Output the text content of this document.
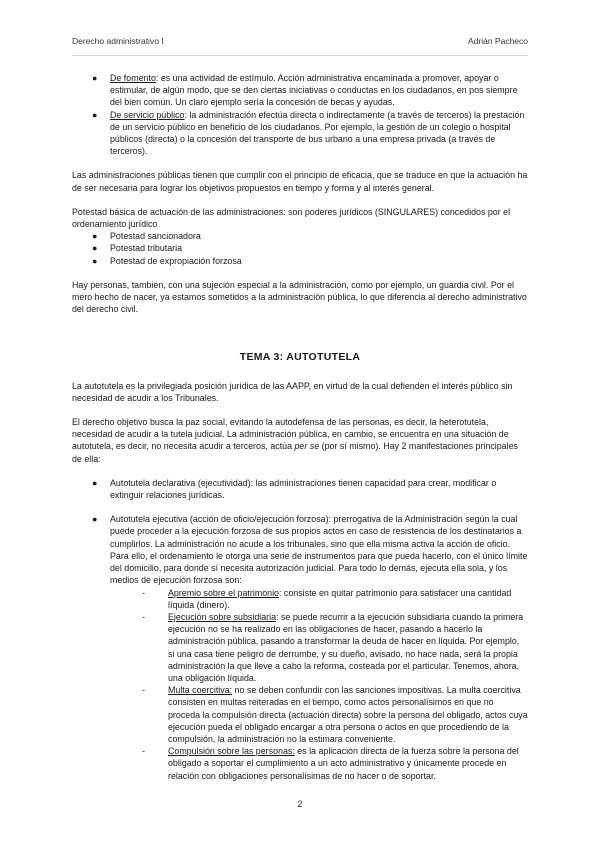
Derecho administrativo I	Adrián Pacheco
● De fomento: es una actividad de estímulo. Acción administrativa encaminada a promover, apoyar o estimular, de algún modo, que se den ciertas iniciativas o conductas en los ciudadanos, en pos siempre del bien común. Un claro ejemplo sería la concesión de becas y ayudas.
● De servicio público: la administración efectúa directa o indirectamente (a través de terceros) la prestación de un servicio público en beneficio de los ciudadanos. Por ejemplo, la gestión de un colegio o hospital públicos (directa) o la concesión del transporte de bus urbano a una empresa privada (a través de terceros).

Las administraciones públicas tienen que cumplir con el principio de eficacia, que se traduce en que la actuación ha de ser necesaria para lograr los objetivos propuestos en tiempo y forma y al interés general.

Potestad básica de actuación de las administraciones: son poderes jurídicos (SINGULARES) concedidos por el ordenamiento jurídico

● Potestad sancionadora
● Potestad tributaria
● Potestad de expropiación forzosa

Hay personas, también, con una sujeción especial a la administración, como por ejemplo, un guardia civil. Por el mero hecho de nacer, ya estamos sometidos a la administración pública, lo que diferencia al derecho administrativo del derecho civil.

TEMA 3: AUTOTUTELA

La autotutela es la privilegiada posición jurídica de las AAPP, en virtud de la cual defienden el interés público sin necesidad de acudir a los Tribunales.

El derecho objetivo busca la paz social, evitando la autodefensa de las personas, es decir, la heterotutela, necesidad de acudir a la tutela judicial. La administración pública, en cambio, se encuentra en una situación de autotutela, es decir, no necesita acudir a terceros, actúa per se (por sí mismo). Hay 2 manifestaciones principales de ella:

● Autotutela declarativa (ejecutividad): las administraciones tienen capacidad para crear, modificar o extinguir relaciones jurídicas.
● Autotutela ejecutiva (acción de oficio/ejecución forzosa): prerrogativa de la Administración según la cual puede proceder a la ejecución forzosa de sus propios actos en caso de resistencia de los destinatarios a cumplirlos. La administración no acude a los tribunales, sino que ella misma activa la acción de oficio. Para ello, el ordenamiento le otorga una serie de instrumentos para que pueda hacerlo, con el único límite del domicilio, para donde sí necesita autorización judicial. Para todo lo demás, ejecuta ella sola, y los medios de ejecución forzosa son:
-	Apremio sobre el patrimonio: consiste en quitar patrimonio para satisfacer una cantidad líquida (dinero).
-	Ejecución sobre subsidiaria: se puede recurrir a la ejecución subsidiaria cuando la primera ejecución no se ha realizado en las obligaciones de hacer, pasando a hacerlo la administración pública, pasando a transformar la deuda de hacer en líquida. Por ejemplo, si una casa tiene peligro de derrumbe, y su dueño, avisado, no hace nada, será la propia administración la que lleve a cabo la reforma, costeada por el particular. Tenemos, ahora, una obligación líquida.
-	Multa coercitiva: no se deben confundir con las sanciones impositivas. La multa coercitiva consisten en multas reiteradas en el tiempo, como actos personalísimos en que no proceda la compulsión directa (actuación directa) sobre la persona del obligado, actos cuya ejecución pueda el obligado encargar a otra persona o actos en que procediendo de la compulsión, la administración no la estimara conveniente.
-	Compulsión sobre las personas: es la aplicación directa de la fuerza sobre la persona del obligado a soportar el cumplimiento a un acto administrativo y únicamente procede en relación con obligaciones personalísimas de no hacer o de soportar.
2
